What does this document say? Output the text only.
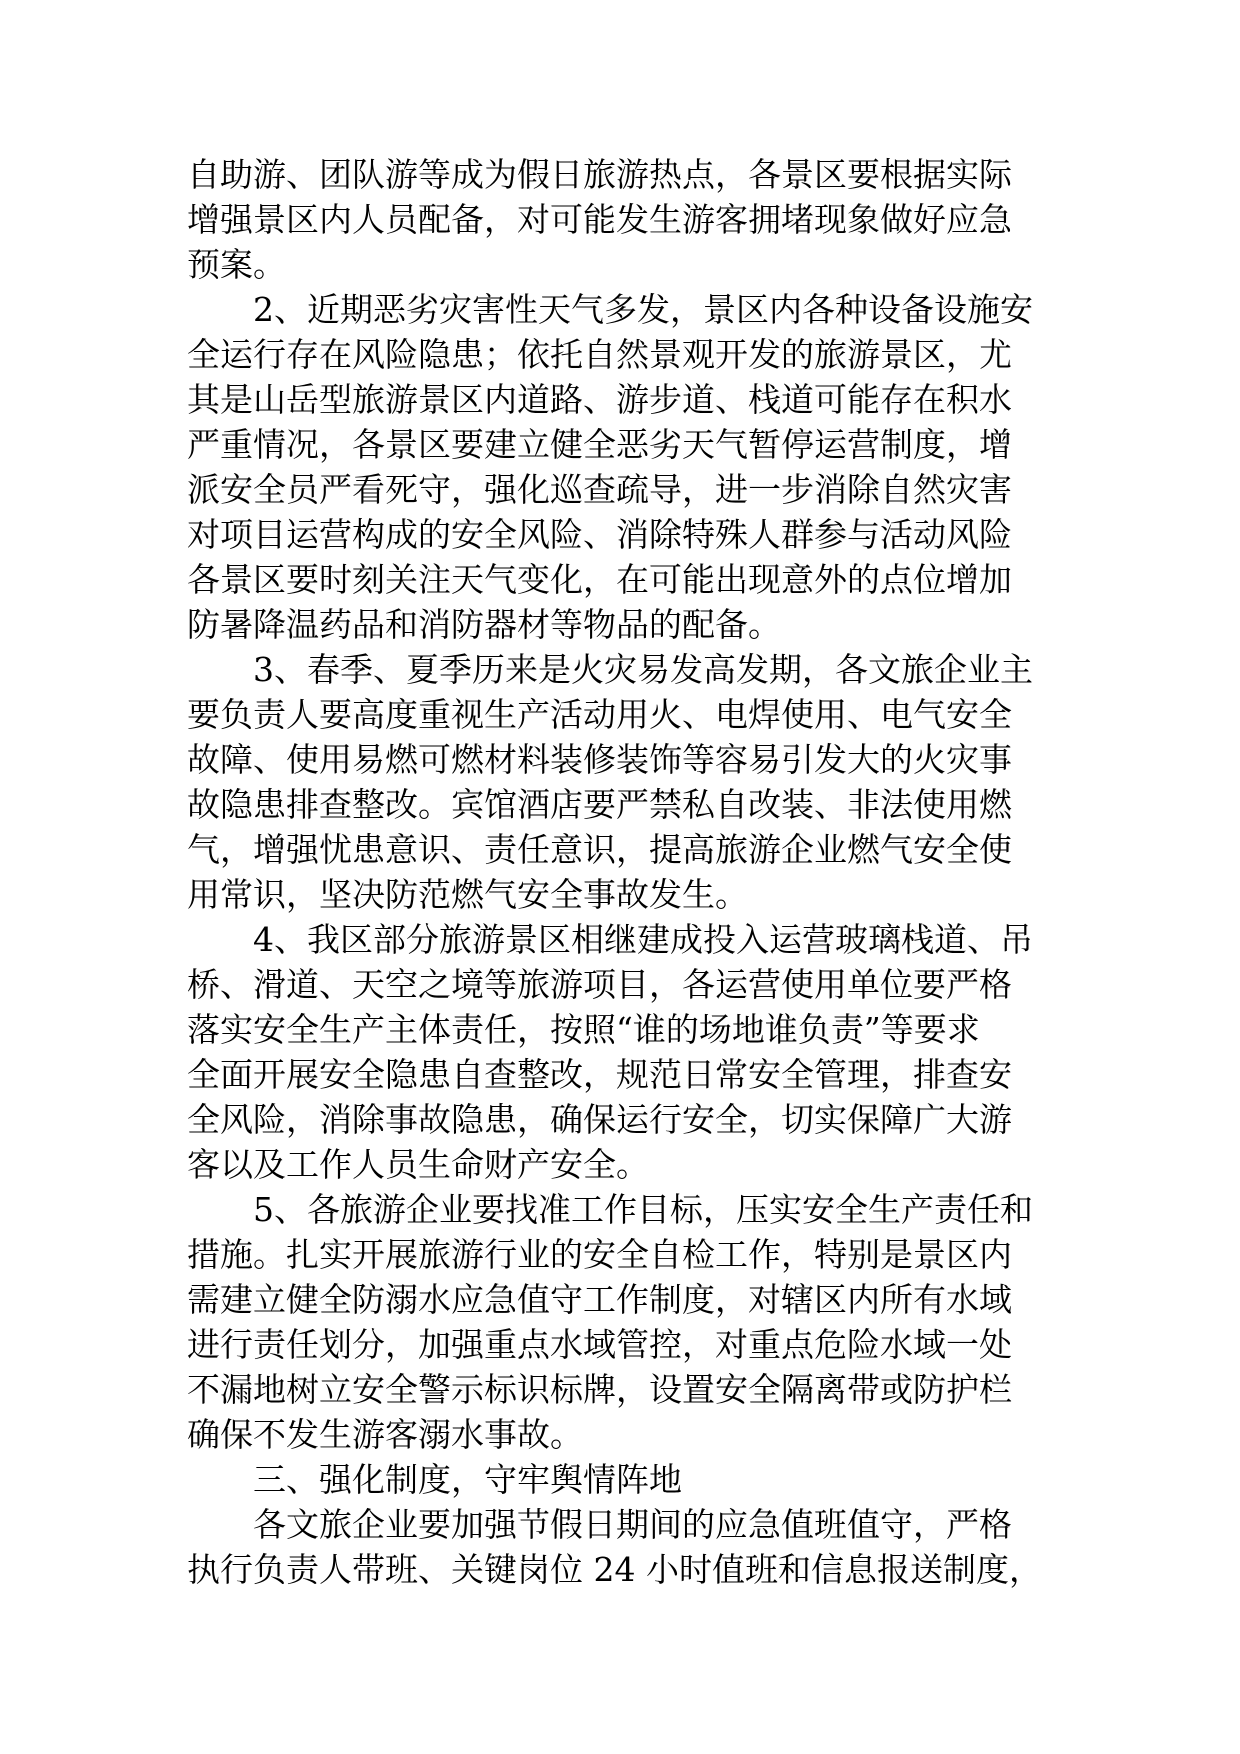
自助游、团队游等成为假日旅游热点，各景区要根据实际
增强景区内人员配备，对可能发生游客拥堵现象做好应急
预案。
2、近期恶劣灾害性天气多发，景区内各种设备设施安
全运行存在风险隐患；依托自然景观开发的旅游景区，尤
其是山岳型旅游景区内道路、游步道、栈道可能存在积水
严重情况，各景区要建立健全恶劣天气暂停运营制度，增
派安全员严看死守，强化巡查疏导，进一步消除自然灾害
对项目运营构成的安全风险、消除特殊人群参与活动风险
各景区要时刻关注天气变化，在可能出现意外的点位增加
防暑降温药品和消防器材等物品的配备。
3、春季、夏季历来是火灾易发高发期，各文旅企业主
要负责人要高度重视生产活动用火、电焊使用、电气安全
故障、使用易燃可燃材料装修装饰等容易引发大的火灾事
故隐患排查整改。宾馆酒店要严禁私自改装、非法使用燃
气，增强忧患意识、责任意识，提高旅游企业燃气安全使
用常识，坚决防范燃气安全事故发生。
4、我区部分旅游景区相继建成投入运营玻璃栈道、吊
桥、滑道、天空之境等旅游项目，各运营使用单位要严格
落实安全生产主体责任，按照“谁的场地谁负责”等要求
全面开展安全隐患自查整改，规范日常安全管理，排查安
全风险，消除事故隐患，确保运行安全，切实保障广大游
客以及工作人员生命财产安全。
5、各旅游企业要找准工作目标，压实安全生产责任和
措施。扎实开展旅游行业的安全自检工作，特别是景区内
需建立健全防溺水应急值守工作制度，对辖区内所有水域
进行责任划分，加强重点水域管控，对重点危险水域一处
不漏地树立安全警示标识标牌，设置安全隔离带或防护栏
确保不发生游客溺水事故。
三、强化制度，守牢舆情阵地
各文旅企业要加强节假日期间的应急值班值守，严格
执行负责人带班、关键岗位 24 小时值班和信息报送制度，
